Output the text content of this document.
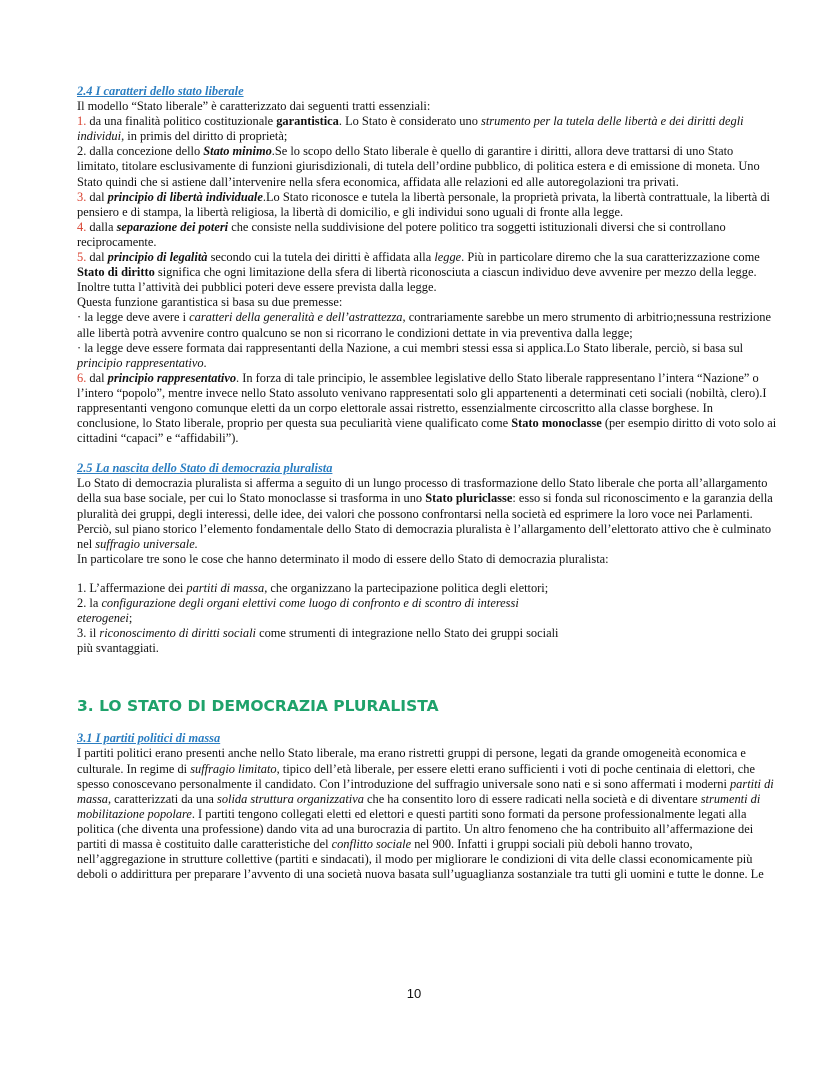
2.4 I caratteri dello stato liberale

Il modello “Stato liberale” è caratterizzato dai seguenti tratti essenziali:

1. da una finalità politico costituzionale garantistica. Lo Stato è considerato uno strumento per la tutela delle libertà e dei diritti degli individui, in primis del diritto di proprietà;

2. dalla concezione dello Stato minimo.Se lo scopo dello Stato liberale è quello di garantire i diritti, allora deve trattarsi di uno Stato limitato, titolare esclusivamente di funzioni giurisdizionali, di tutela dell’ordine pubblico, di politica estera e di emissione di moneta. Uno Stato quindi che si astiene dall’intervenire nella sfera economica, affidata alle relazioni ed alle autoregolazioni tra privati.

3. dal principio di libertà individuale.Lo Stato riconosce e tutela la libertà personale, la proprietà privata, la libertà contrattuale, la libertà di pensiero e di stampa, la libertà religiosa, la libertà di domicilio, e gli individui sono uguali di fronte alla legge.

4. dalla separazione dei poteri che consiste nella suddivisione del potere politico tra soggetti istituzionali diversi che si controllano reciprocamente.

5. dal principio di legalità secondo cui la tutela dei diritti è affidata alla legge. Più in particolare diremo che la sua caratterizzazione come Stato di diritto significa che ogni limitazione della sfera di libertà riconosciuta a ciascun individuo deve avvenire per mezzo della legge. Inoltre tutta l’attività dei pubblici poteri deve essere prevista dalla legge.

Questa funzione garantistica si basa su due premesse:

· la legge deve avere i caratteri della generalità e dell’astrattezza, contrariamente sarebbe un mero strumento di arbitrio;nessuna restrizione alle libertà potrà avvenire contro qualcuno se non si ricorrano le condizioni dettate in via preventiva dalla legge;

· la legge deve essere formata dai rappresentanti della Nazione, a cui membri stessi essa si applica.Lo Stato liberale, perciò, si basa sul principio rappresentativo.

6. dal principio rappresentativo. In forza di tale principio, le assemblee legislative dello Stato liberale rappresentano l’intera “Nazione” o l’intero “popolo”, mentre invece nello Stato assoluto venivano rappresentati solo gli appartenenti a determinati ceti sociali (nobiltà, clero).I rappresentanti vengono comunque eletti da un corpo elettorale assai ristretto, essenzialmente circoscritto alla classe borghese. In conclusione, lo Stato liberale, proprio per questa sua peculiarità viene qualificato come Stato monoclasse (per esempio diritto di voto solo ai cittadini “capaci” e “affidabili”).

2.5 La nascita dello Stato di democrazia pluralista

Lo Stato di democrazia pluralista si afferma a seguito di un lungo processo di trasformazione dello Stato liberale che porta all’allargamento della sua base sociale, per cui lo Stato monoclasse si trasforma in uno Stato pluriclasse: esso si fonda sul riconoscimento e la garanzia della pluralità dei gruppi, degli interessi, delle idee, dei valori che possono confrontarsi nella società ed esprimere la loro voce nei Parlamenti. Perciò, sul piano storico l’elemento fondamentale dello Stato di democrazia pluralista è l’allargamento dell’elettorato attivo che è culminato nel suffragio universale.

In particolare tre sono le cose che hanno determinato il modo di essere dello Stato di democrazia pluralista:

1. L’affermazione dei partiti di massa, che organizzano la partecipazione politica degli elettori;

2. la configurazione degli organi elettivi come luogo di confronto e di scontro di interessi
eterogenei;

3. il riconoscimento di diritti sociali come strumenti di integrazione nello Stato dei gruppi sociali
più svantaggiati.

3. LO STATO DI DEMOCRAZIA PLURALISTA

3.1 I partiti politici di massa

I partiti politici erano presenti anche nello Stato liberale, ma erano ristretti gruppi di persone, legati da grande omogeneità economica e culturale. In regime di suffragio limitato, tipico dell’età liberale, per essere eletti erano sufficienti i voti di poche centinaia di elettori, che spesso conoscevano personalmente il candidato. Con l’introduzione del suffragio universale sono nati e si sono affermati i moderni partiti di massa, caratterizzati da una solida struttura organizzativa che ha consentito loro di essere radicati nella società e di diventare strumenti di mobilitazione popolare. I partiti tengono collegati eletti ed elettori e questi partiti sono formati da persone professionalmente legati alla politica (che diventa una professione) dando vita ad una burocrazia di partito. Un altro fenomeno che ha contribuito all’affermazione dei partiti di massa è costituito dalle caratteristiche del conflitto sociale nel 900. Infatti i gruppi sociali più deboli hanno trovato, nell’aggregazione in strutture collettive (partiti e sindacati), il modo per migliorare le condizioni di vita delle classi economicamente più deboli o addirittura per preparare l’avvento di una società nuova basata sull’uguaglianza sostanziale tra tutti gli uomini e tutte le donne. Le

10
